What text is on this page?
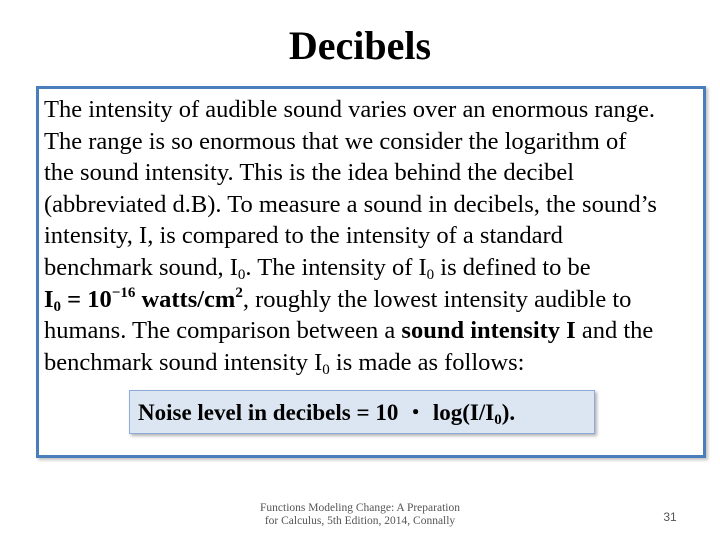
Decibels

The intensity of audible sound varies over an enormous range.
The range is so enormous that we consider the logarithm of
the sound intensity. This is the idea behind the decibel
(abbreviated d.B). To measure a sound in decibels, the sound’s
intensity, I, is compared to the intensity of a standard
benchmark sound, $I_0$. The intensity of $I_0$ is defined to be
$I_0 = 10^{-16}$ watts/$cm^2$, roughly the lowest intensity audible to
humans. The comparison between a sound intensity I and the
benchmark sound intensity $I_0$ is made as follows:

Noise level in decibels = 10 ・ $\log(I/I_0)$.
Functions Modeling Change: A Preparation
for Calculus, 5th Edition, 2014, Connally	31
